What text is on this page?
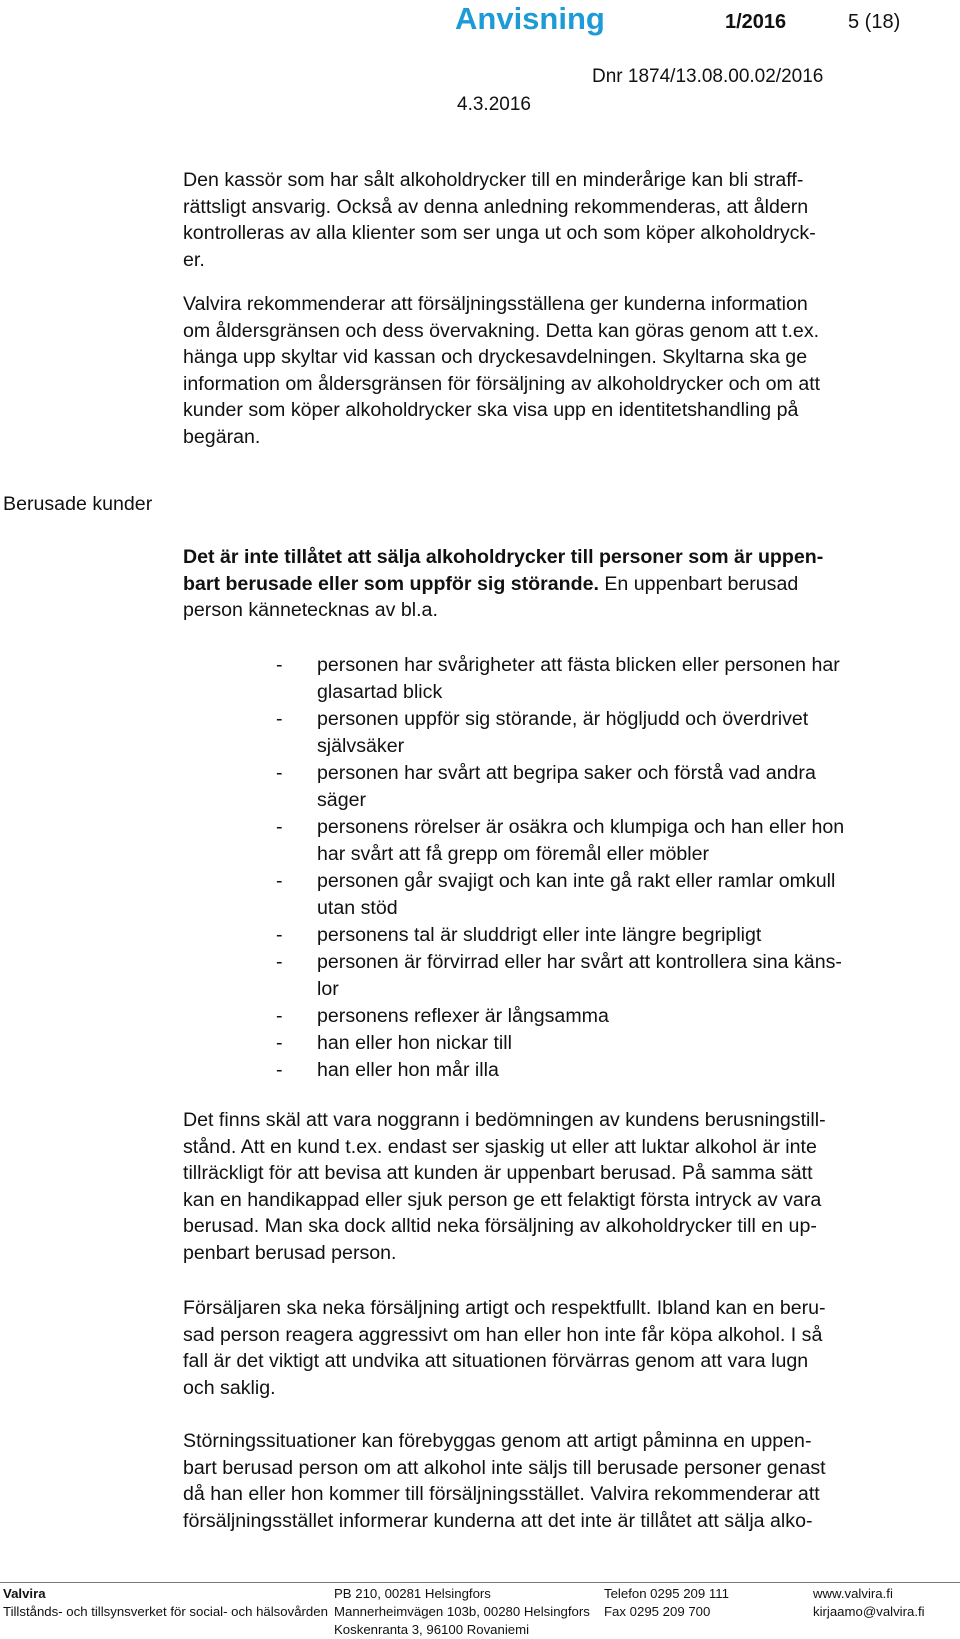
Anvisning	1/2016	5 (18)
Dnr 1874/13.08.00.02/2016
4.3.2016
Den kassör som har sålt alkoholdrycker till en minderårige kan bli straff-
rättsligt ansvarig. Också av denna anledning rekommenderas, att åldern
kontrolleras av alla klienter som ser unga ut och som köper alkoholdryck-
er.
Valvira rekommenderar att försäljningsställena ger kunderna information
om åldersgränsen och dess övervakning. Detta kan göras genom att t.ex.
hänga upp skyltar vid kassan och dryckesavdelningen. Skyltarna ska ge
information om åldersgränsen för försäljning av alkoholdrycker och om att
kunder som köper alkoholdrycker ska visa upp en identitetshandling på
begäran.
Berusade kunder
Det är inte tillåtet att sälja alkoholdrycker till personer som är uppen-
bart berusade eller som uppför sig störande. En uppenbart berusad
person kännetecknas av bl.a.
- personen har svårigheter att fästa blicken eller personen har
glasartad blick
- personen uppför sig störande, är högljudd och överdrivet
självsäker
- personen har svårt att begripa saker och förstå vad andra
säger
- personens rörelser är osäkra och klumpiga och han eller hon
har svårt att få grepp om föremål eller möbler
- personen går svajigt och kan inte gå rakt eller ramlar omkull
utan stöd
- personens tal är sluddrigt eller inte längre begripligt
- personen är förvirrad eller har svårt att kontrollera sina käns-
lor
- personens reflexer är långsamma
- han eller hon nickar till
- han eller hon mår illa
Det finns skäl att vara noggrann i bedömningen av kundens berusningstill-
stånd. Att en kund t.ex. endast ser sjaskig ut eller att luktar alkohol är inte
tillräckligt för att bevisa att kunden är uppenbart berusad. På samma sätt
kan en handikappad eller sjuk person ge ett felaktigt första intryck av vara
berusad. Man ska dock alltid neka försäljning av alkoholdrycker till en up-
penbart berusad person.
Försäljaren ska neka försäljning artigt och respektfullt. Ibland kan en beru-
sad person reagera aggressivt om han eller hon inte får köpa alkohol. I så
fall är det viktigt att undvika att situationen förvärras genom att vara lugn
och saklig.
Störningssituationer kan förebyggas genom att artigt påminna en uppen-
bart berusad person om att alkohol inte säljs till berusade personer genast
då han eller hon kommer till försäljningsstället. Valvira rekommenderar att
försäljningsstället informerar kunderna att det inte är tillåtet att sälja alko-
Valvira
Tillstånds- och tillsynsverket för social- och hälsovården
PB 210, 00281 Helsingfors
Mannerheimvägen 103b, 00280 Helsingfors
Koskenranta 3, 96100 Rovaniemi
Telefon 0295 209 111
Fax 0295 209 700
www.valvira.fi
kirjaamo@valvira.fi
